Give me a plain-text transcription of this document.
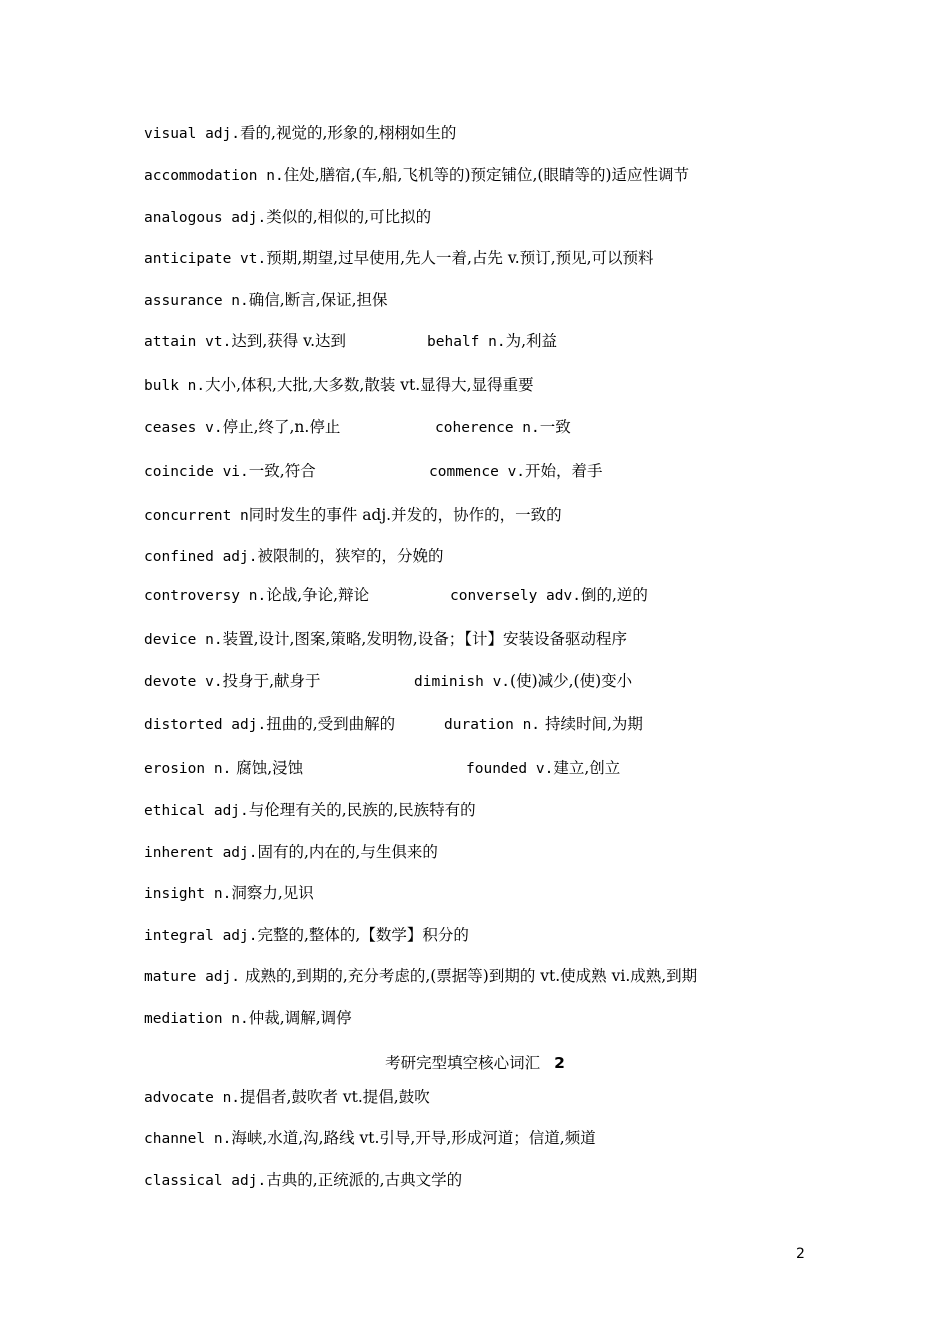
visual adj.看的,视觉的,形象的,栩栩如生的
accommodation n.住处,膳宿,(车,船,飞机等的)预定铺位,(眼睛等的)适应性调节
analogous adj.类似的,相似的,可比拟的
anticipate vt.预期,期望,过早使用,先人一着,占先 v.预订,预见,可以预料
assurance n.确信,断言,保证,担保
attain vt.达到,获得 v.达到	behalf n.为,利益
bulk n.大小,体积,大批,大多数,散装 vt.显得大,显得重要
ceases v.停止,终了,n.停止	coherence n.一致
coincide vi.一致,符合	commence v.开始，着手
concurrent n同时发生的事件 adj.并发的，协作的，一致的
confined adj.被限制的，狭窄的，分娩的
controversy n.论战,争论,辩论	conversely adv.倒的,逆的
device n.装置,设计,图案,策略,发明物,设备；【计】安装设备驱动程序
devote v.投身于,献身于	diminish v.(使)减少,(使)变小
distorted adj.扭曲的,受到曲解的	duration n. 持续时间,为期
erosion n. 腐蚀,浸蚀	founded v.建立,创立
ethical adj.与伦理有关的,民族的,民族特有的
inherent adj.固有的,内在的,与生俱来的
insight n.洞察力,见识
integral adj.完整的,整体的,【数学】积分的
mature adj. 成熟的,到期的,充分考虑的,(票据等)到期的 vt.使成熟 vi.成熟,到期
mediation n.仲裁,调解,调停
考研完型填空核心词汇 2
advocate n.提倡者,鼓吹者 vt.提倡,鼓吹
channel n.海峡,水道,沟,路线 vt.引导,开导,形成河道；信道,频道
classical adj.古典的,正统派的,古典文学的
2
